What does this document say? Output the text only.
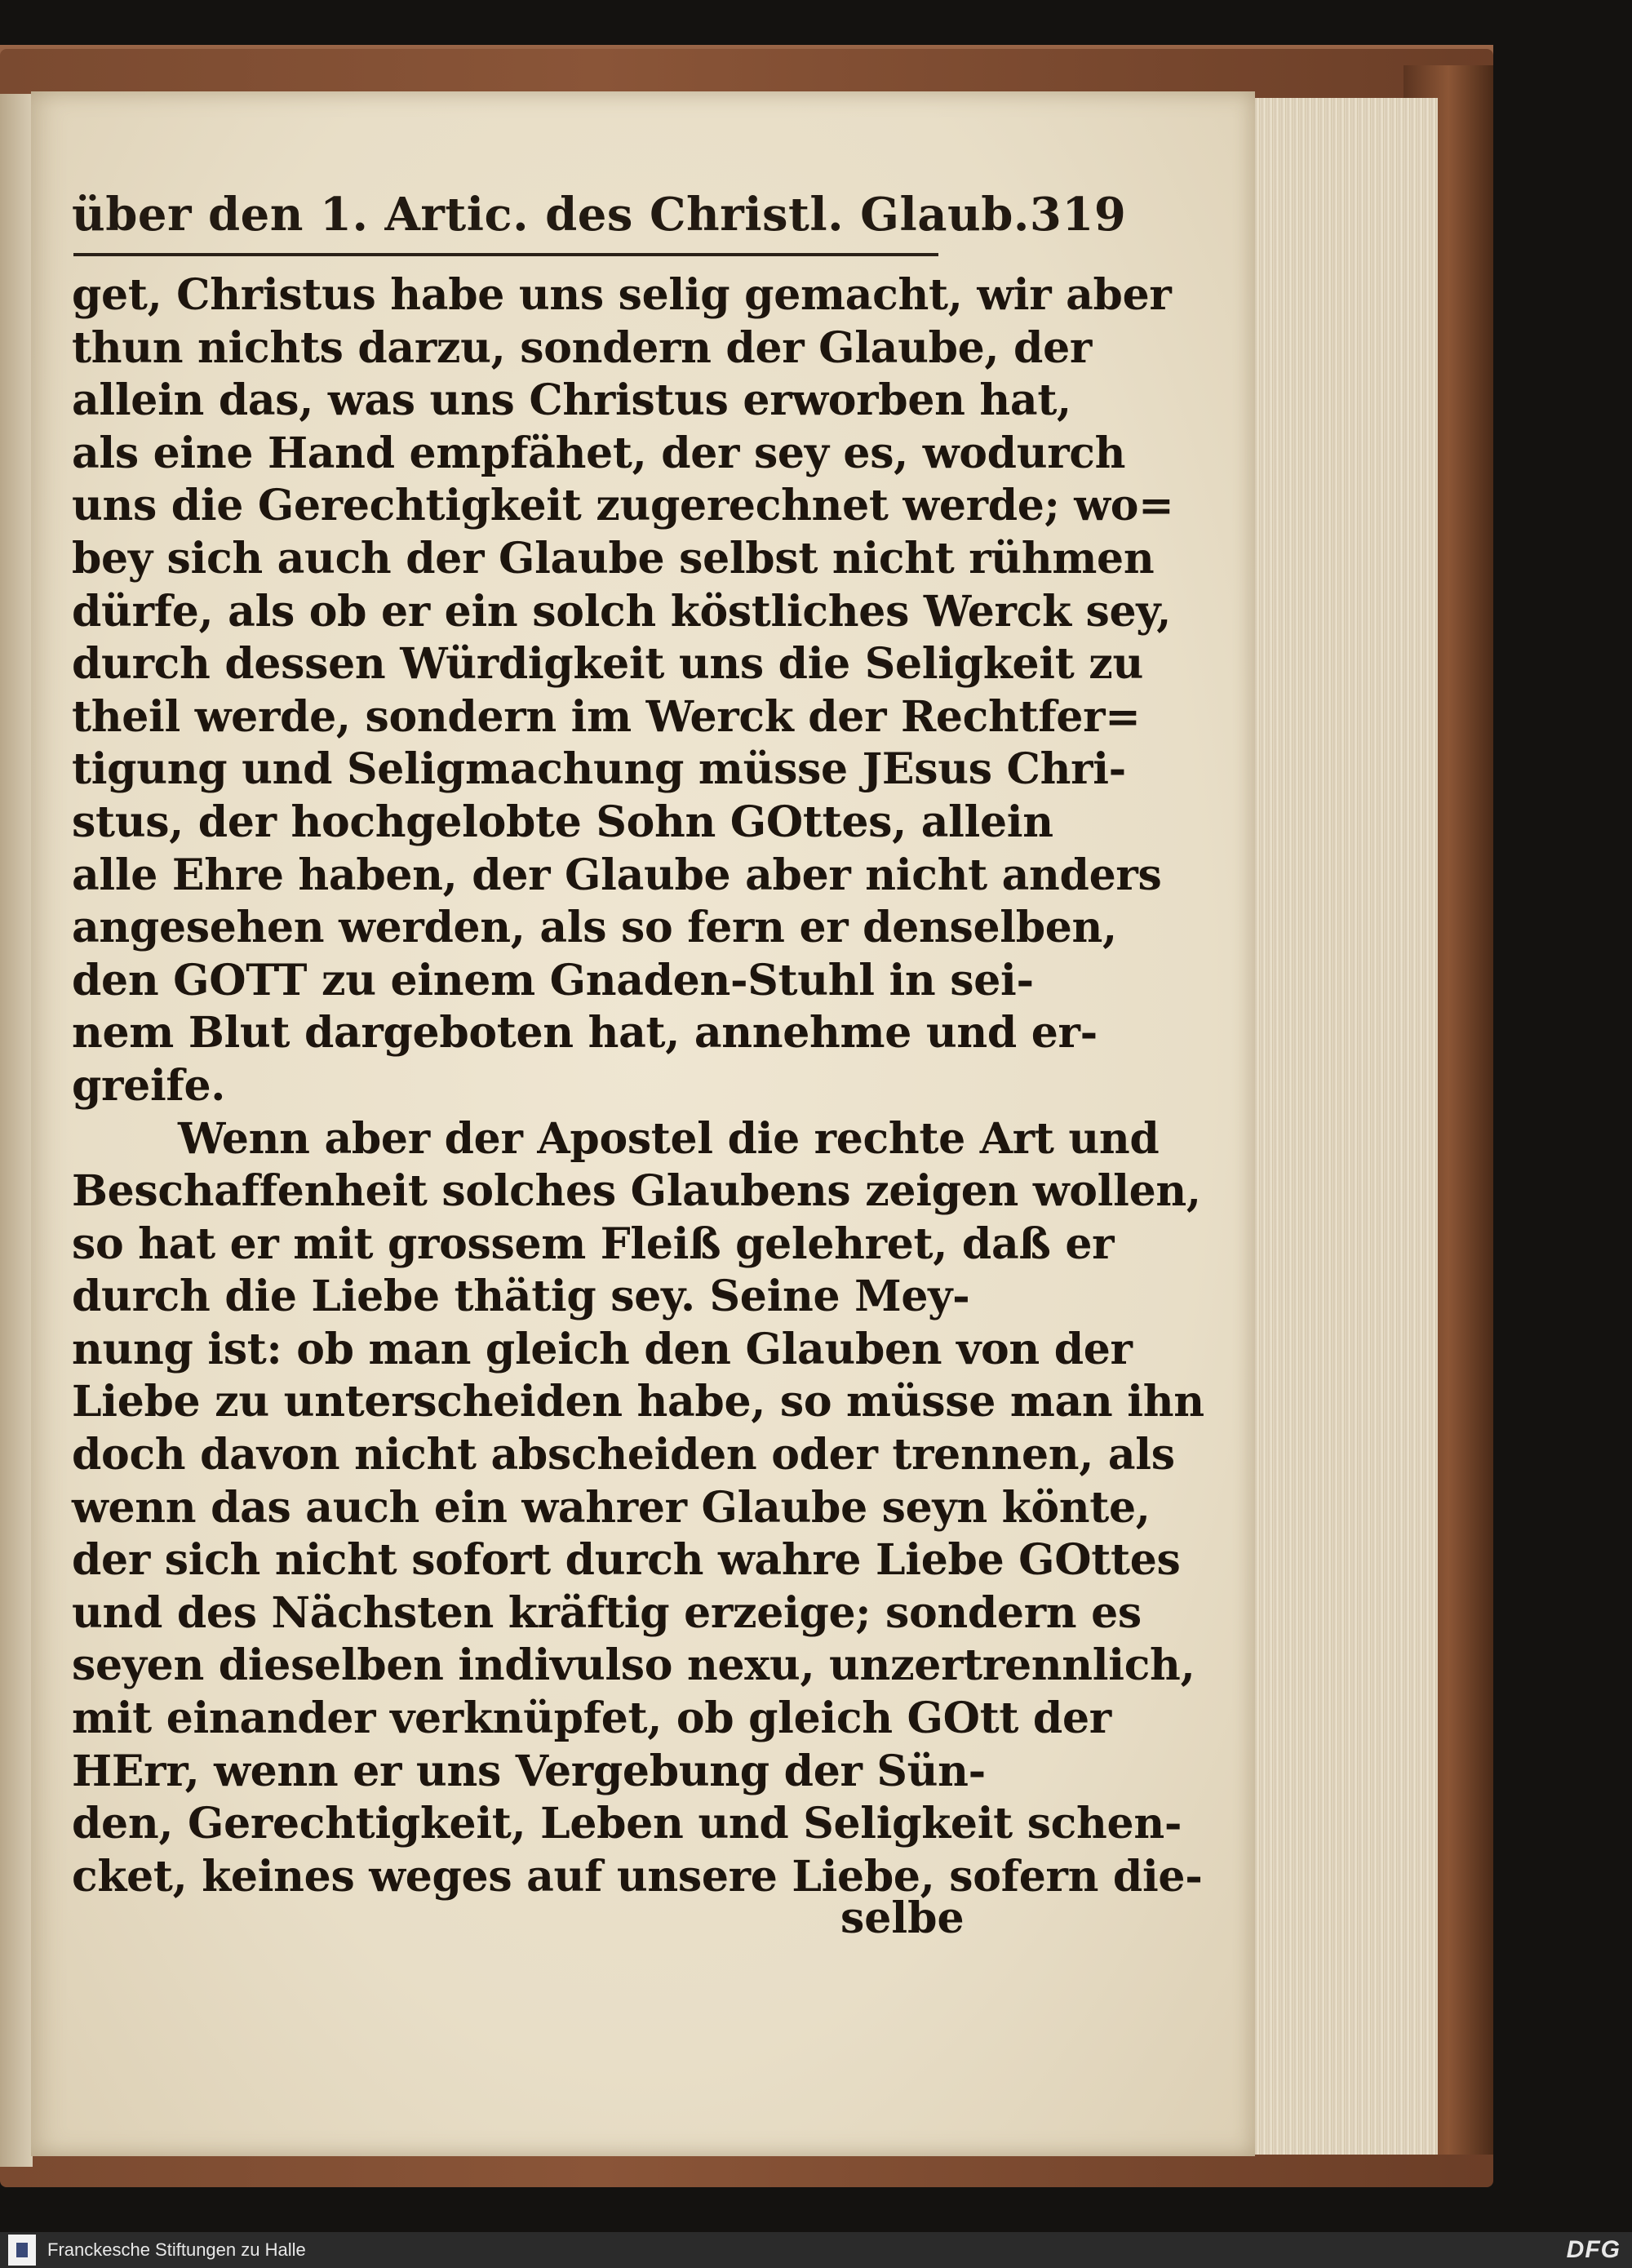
über den 1. Artic. des Christl. Glaub. 319
get, Christus habe uns selig gemacht, wir aber
thun nichts darzu, sondern der Glaube, der
allein das, was uns Christus erworben hat,
als eine Hand empfähet, der sey es, wodurch
uns die Gerechtigkeit zugerechnet werde; wo=
bey sich auch der Glaube selbst nicht rühmen
dürfe, als ob er ein solch köstliches Werck sey,
durch dessen Würdigkeit uns die Seligkeit zu
theil werde, sondern im Werck der Rechtfer=
tigung und Seligmachung müsse JEsus Chri-
stus, der hochgelobte Sohn GOttes, allein
alle Ehre haben, der Glaube aber nicht anders
angesehen werden, als so fern er denselben,
den GOTT zu einem Gnaden-Stuhl in sei-
nem Blut dargeboten hat, annehme und er-
greife.
Wenn aber der Apostel die rechte Art und
Beschaffenheit solches Glaubens zeigen wollen,
so hat er mit grossem Fleiß gelehret, daß er
durch die Liebe thätig sey. Seine Mey-
nung ist: ob man gleich den Glauben von der
Liebe zu unterscheiden habe, so müsse man ihn
doch davon nicht abscheiden oder trennen, als
wenn das auch ein wahrer Glaube seyn könte,
der sich nicht sofort durch wahre Liebe GOttes
und des Nächsten kräftig erzeige; sondern es
seyen dieselben indivulso nexu, unzertrennlich,
mit einander verknüpfet, ob gleich GOtt der
HErr, wenn er uns Vergebung der Sün-
den, Gerechtigkeit, Leben und Seligkeit schen-
cket, keines weges auf unsere Liebe, sofern die-
selbe
Franckesche Stiftungen zu Halle	DFG
